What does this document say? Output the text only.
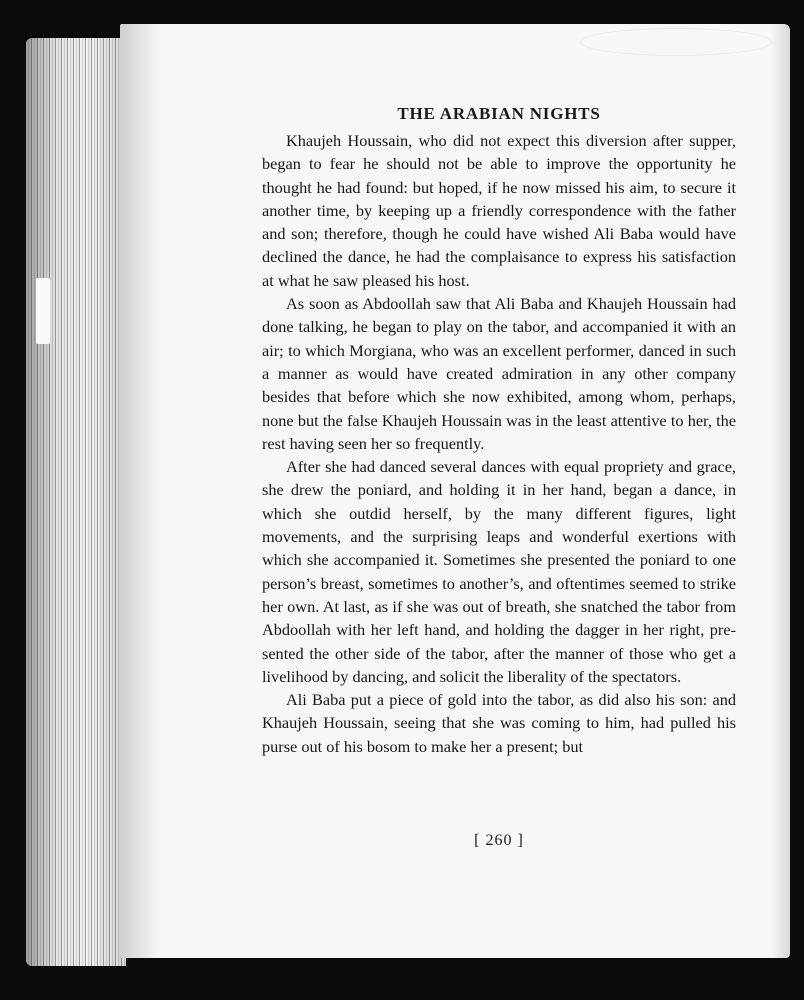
THE ARABIAN NIGHTS

Khaujeh Houssain, who did not expect this diversion after supper, began to fear he should not be able to improve the opportunity he thought he had found: but hoped, if he now missed his aim, to secure it another time, by keeping up a friendly correspondence with the father and son; therefore, though he could have wished Ali Baba would have declined the dance, he had the complaisance to express his satisfaction at what he saw pleased his host.

As soon as Abdoollah saw that Ali Baba and Khaujeh Houssain had done talking, he began to play on the tabor, and accompanied it with an air; to which Morgiana, who was an excellent performer, danced in such a manner as would have created admiration in any other company besides that before which she now exhibited, among whom, perhaps, none but the false Khaujeh Houssain was in the least attentive to her, the rest having seen her so frequently.

After she had danced several dances with equal propriety and grace, she drew the poniard, and holding it in her hand, began a dance, in which she outdid herself, by the many different figures, light movements, and the surprising leaps and wonderful exertions with which she accompanied it. Sometimes she presented the poniard to one person’s breast, sometimes to another’s, and oftentimes seemed to strike her own. At last, as if she was out of breath, she snatched the tabor from Abdoollah with her left hand, and holding the dagger in her right, presented the other side of the tabor, after the manner of those who get a livelihood by dancing, and solicit the liberality of the spectators.

Ali Baba put a piece of gold into the tabor, as did also his son: and Khaujeh Houssain, seeing that she was coming to him, had pulled his purse out of his bosom to make her a present; but

[ 260 ]
